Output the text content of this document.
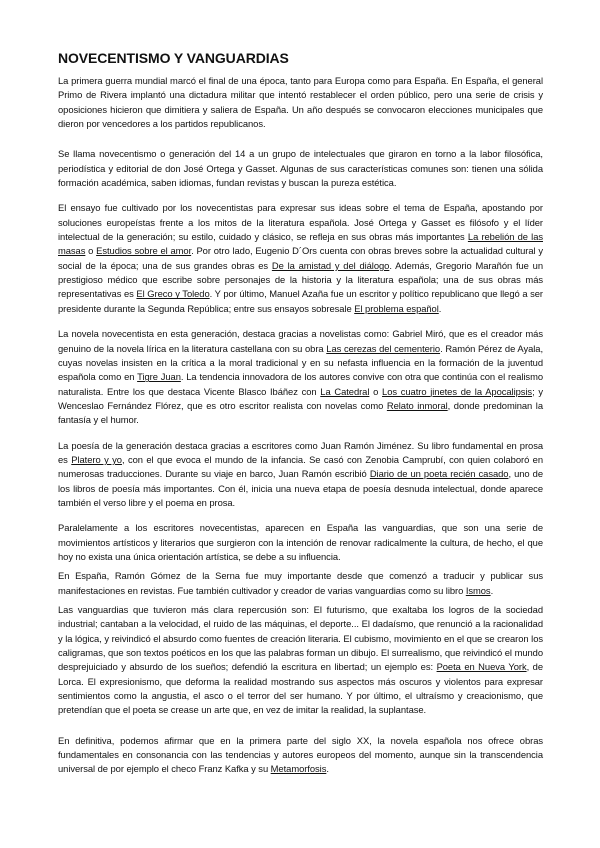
NOVECENTISMO Y VANGUARDIAS

La primera guerra mundial marcó el final de una época, tanto para Europa como para España. En España, el general Primo de Rivera implantó una dictadura militar que intentó restablecer el orden público, pero una serie de crisis y oposiciones hicieron que dimitiera y saliera de España. Un año después se convocaron elecciones municipales que dieron por vencedores a los partidos republicanos.

Se llama novecentismo o generación del 14 a un grupo de intelectuales que giraron en torno a la labor filosófica, periodística y editorial de don José Ortega y Gasset. Algunas de sus características comunes son: tienen una sólida formación académica, saben idiomas, fundan revistas y buscan la pureza estética.

El ensayo fue cultivado por los novecentistas para expresar sus ideas sobre el tema de España, apostando por soluciones europeístas frente a los mitos de la literatura española. José Ortega y Gasset es filósofo y el líder intelectual de la generación; su estilo, cuidado y clásico, se refleja en sus obras más importantes La rebelión de las masas o Estudios sobre el amor. Por otro lado, Eugenio D´Ors cuenta con obras breves sobre la actualidad cultural y social de la época; una de sus grandes obras es De la amistad y del diálogo. Además, Gregorio Marañón fue un prestigioso médico que escribe sobre personajes de la historia y la literatura española; una de sus obras más representativas es El Greco y Toledo. Y por último, Manuel Azaña fue un escritor y político republicano que llegó a ser presidente durante la Segunda República; entre sus ensayos sobresale El problema español.

La novela novecentista en esta generación, destaca gracias a novelistas como: Gabriel Miró, que es el creador más genuino de la novela lírica en la literatura castellana con su obra Las cerezas del cementerio. Ramón Pérez de Ayala, cuyas novelas insisten en la crítica a la moral tradicional y en su nefasta influencia en la formación de la juventud española como en Tigre Juan. La tendencia innovadora de los autores convive con otra que continúa con el realismo naturalista. Entre los que destaca Vicente Blasco Ibáñez con La Catedral o Los cuatro jinetes de la Apocalipsis; y Wenceslao Fernández Flórez, que es otro escritor realista con novelas como Relato inmoral, donde predominan la fantasía y el humor.

La poesía de la generación destaca gracias a escritores como Juan Ramón Jiménez. Su libro fundamental en prosa es Platero y yo, con el que evoca el mundo de la infancia. Se casó con Zenobia Camprubí, con quien colaboró en numerosas traducciones. Durante su viaje en barco, Juan Ramón escribió Diario de un poeta recién casado, uno de los libros de poesía más importantes. Con él, inicia una nueva etapa de poesía desnuda intelectual, donde aparece también el verso libre y el poema en prosa.

Paralelamente a los escritores novecentistas, aparecen en España las vanguardias, que son una serie de movimientos artísticos y literarios que surgieron con la intención de renovar radicalmente la cultura, de hecho, el que hoy no exista una única orientación artística, se debe a su influencia.

En España, Ramón Gómez de la Serna fue muy importante desde que comenzó a traducir y publicar sus manifestaciones en revistas. Fue también cultivador y creador de varias vanguardias como su libro Ismos.

Las vanguardias que tuvieron más clara repercusión son: El futurismo, que exaltaba los logros de la sociedad industrial; cantaban a la velocidad, el ruido de las máquinas, el deporte... El dadaísmo, que renunció a la racionalidad y la lógica, y reivindicó el absurdo como fuentes de creación literaria. El cubismo, movimiento en el que se crearon los caligramas, que son textos poéticos en los que las palabras forman un dibujo. El surrealismo, que reivindicó el mundo desprejuiciado y absurdo de los sueños; defendió la escritura en libertad; un ejemplo es: Poeta en Nueva York, de Lorca. El expresionismo, que deforma la realidad mostrando sus aspectos más oscuros y violentos para expresar sentimientos como la angustia, el asco o el terror del ser humano. Y por último, el ultraísmo y creacionismo, que pretendían que el poeta se crease un arte que, en vez de imitar la realidad, la suplantase.

En definitiva, podemos afirmar que en la primera parte del siglo XX, la novela española nos ofrece obras fundamentales en consonancia con las tendencias y autores europeos del momento, aunque sin la transcendencia universal de por ejemplo el checo Franz Kafka y su Metamorfosis.
